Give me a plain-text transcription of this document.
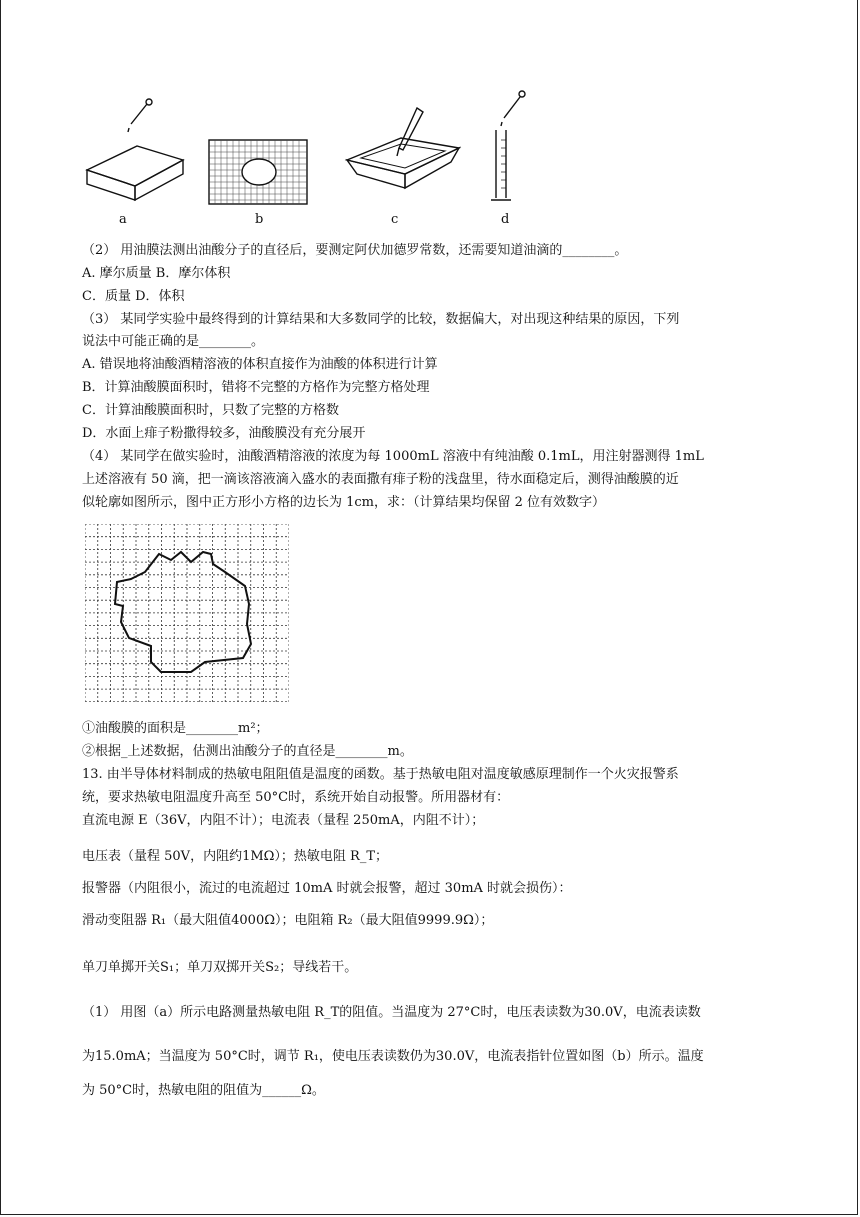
a	b	c	d
（2） 用油膜法测出油酸分子的直径后，要测定阿伏加德罗常数，还需要知道油滴的________。
A. 摩尔质量 B．摩尔体积
C．质量 D．体积
（3） 某同学实验中最终得到的计算结果和大多数同学的比较，数据偏大，对出现这种结果的原因，下列
说法中可能正确的是________。
A. 错误地将油酸酒精溶液的体积直接作为油酸的体积进行计算
B．计算油酸膜面积时，错将不完整的方格作为完整方格处理
C．计算油酸膜面积时，只数了完整的方格数
D．水面上痱子粉撒得较多，油酸膜没有充分展开
（4） 某同学在做实验时，油酸酒精溶液的浓度为每 1000mL 溶液中有纯油酸 0.1mL，用注射器测得 1mL
上述溶液有 50 滴，把一滴该溶液滴入盛水的表面撒有痱子粉的浅盘里，待水面稳定后，测得油酸膜的近
似轮廓如图所示，图中正方形小方格的边长为 1cm，求：（计算结果均保留 2 位有效数字）
①油酸膜的面积是________m²；
②根据_上述数据，估测出油酸分子的直径是________m。
13. 由半导体材料制成的热敏电阻阻值是温度的函数。基于热敏电阻对温度敏感原理制作一个火灾报警系
统，要求热敏电阻温度升高至 50°C时，系统开始自动报警。所用器材有：
直流电源 E（36V，内阻不计）；电流表（量程 250mA，内阻不计）；
电压表（量程 50V，内阻约1MΩ）；热敏电阻 R_T；
报警器（内阻很小，流过的电流超过 10mA 时就会报警，超过 30mA 时就会损伤）：
滑动变阻器 R₁（最大阻值4000Ω）；电阻箱 R₂（最大阻值9999.9Ω）；
单刀单掷开关S₁；单刀双掷开关S₂；导线若干。
（1） 用图（a）所示电路测量热敏电阻 R_T的阻值。当温度为 27°C时，电压表读数为30.0V，电流表读数
为15.0mA；当温度为 50°C时，调节 R₁，使电压表读数仍为30.0V，电流表指针位置如图（b）所示。温度
为 50°C时，热敏电阻的阻值为______Ω。
